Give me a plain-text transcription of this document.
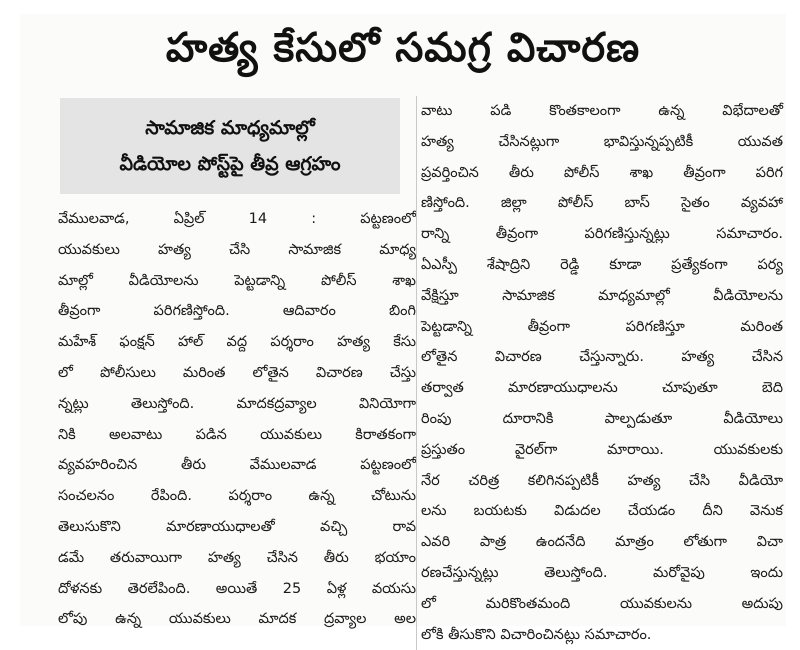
హత్య కేసులో సమగ్ర విచారణ
సామాజిక మాధ్యమాల్లో
వీడియోల పోస్ట్‌పై తీవ్ర ఆగ్రహం
వేములవాడ, ఏప్రిల్ 14 : పట్టణంలో
యువకులు హత్య చేసి సామాజిక మాధ్య
మాల్లో వీడియోలను పెట్టడాన్ని పోలీస్ శాఖ
తీవ్రంగా పరిగణిస్తోంది. ఆదివారం బింగి
మహేశ్ ఫంక్షన్ హాల్ వద్ద పర్శరాం హత్య కేసు
లో పోలీసులు మరింత లోతైన విచారణ చేస్తు
న్నట్లు తెలుస్తోంది. మాదకద్రవ్యాల వినియోగా
నికి అలవాటు పడిన యువకులు కిరాతకంగా
వ్యవహరించిన తీరు వేములవాడ పట్టణంలో
సంచలనం రేపింది. పర్శరాం ఉన్న చోటును
తెలుసుకొని మారణాయుధాలతో వచ్చి రావ
డమే తరువాయిగా హత్య చేసిన తీరు భయాం
దోళనకు తెరలేపింది. అయితే 25 ఏళ్ల వయసు
లోపు ఉన్న యువకులు మాదక ద్రవ్యాల అల
వాటు పడి కొంతకాలంగా ఉన్న విభేదాలతో
హత్య చేసినట్లుగా భావిస్తున్నప్పటికీ యువత
ప్రవర్తించిన తీరు పోలీస్ శాఖ తీవ్రంగా పరిగ
ణిస్తోంది. జిల్లా పోలీస్ బాస్ సైతం వ్యవహా
రాన్ని తీవ్రంగా పరిగణిస్తున్నట్లు సమాచారం.
ఏఎస్పీ శేషాద్రిని రెడ్డి కూడా ప్రత్యేకంగా పర్య
వేక్షిస్తూ సామాజిక మాధ్యమాల్లో వీడియోలను
పెట్టడాన్ని తీవ్రంగా పరిగణిస్తూ మరింత
లోతైన విచారణ చేస్తున్నారు. హత్య చేసిన
తర్వాత మారణాయుధాలను చూపుతూ బెది
రింపు దూరానికి పాల్పడుతూ వీడియోలు
ప్రస్తుతం వైరల్‌గా మారాయి. యువకులకు
నేర చరిత్ర కలిగినప్పటికీ హత్య చేసి వీడియో
లను బయటకు విడుదల చేయడం దీని వెనుక
ఎవరి పాత్ర ఉందనేది మాత్రం లోతుగా విచా
రణచేస్తున్నట్లు తెలుస్తోంది. మరోవైపు ఇందు
లో మరికొంతమంది యువకులను అదుపు
లోకి తీసుకొని విచారించినట్లు సమాచారం.
